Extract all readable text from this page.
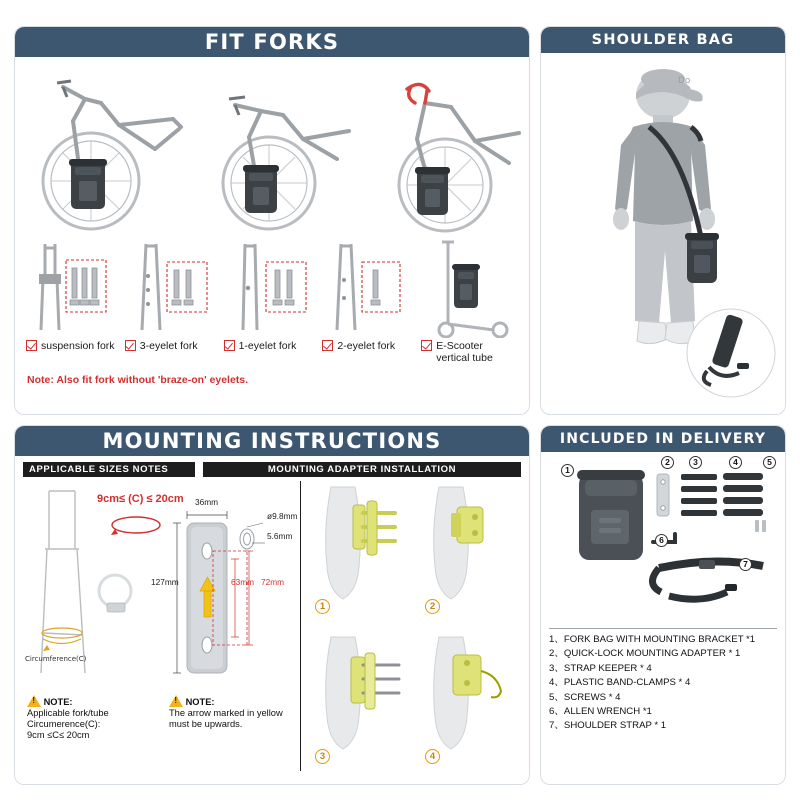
FIT FORKS
suspension fork	3-eyelet fork	1-eyelet fork	2-eyelet fork	E-Scooter vertical tube
Note: Also fit fork without 'braze-on' eyelets.
SHOULDER BAG
Do
MOUNTING INSTRUCTIONS
APPLICABLE SIZES NOTES	MOUNTING ADAPTER INSTALLATION
Circumference(C)
9cm≤ (C) ≤ 20cm 36mm
ø9.8mm
5.6mm
127mm	63mm 72mm
! NOTE:
Applicable fork/tube
Circumerence(C):
9cm ≤C≤ 20cm
! NOTE:
The arrow marked in yellow
must be upwards.
1	2
3	4
INCLUDED IN DELIVERY
1
2	3	4	5
6
7
1、FORK BAG WITH MOUNTING BRACKET *1
2、QUICK-LOCK MOUNTING ADAPTER * 1
3、STRAP KEEPER * 4
4、PLASTIC BAND-CLAMPS * 4
5、SCREWS * 4
6、ALLEN WRENCH *1
7、SHOULDER STRAP * 1
